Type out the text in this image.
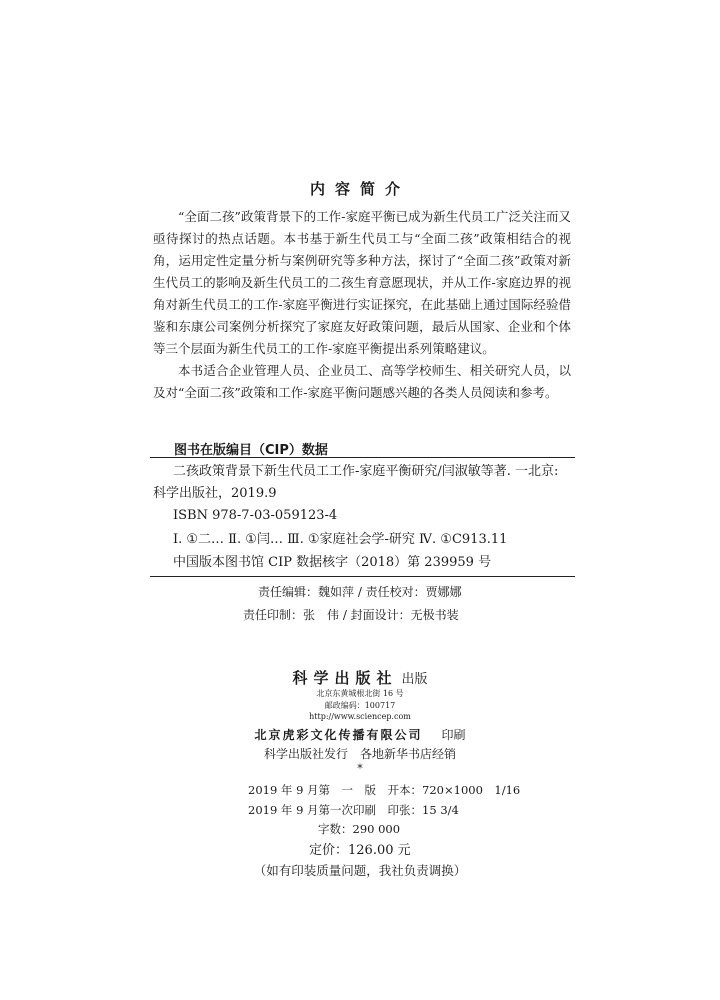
内容简介

“全面二孩”政策背景下的工作-家庭平衡已成为新生代员工广泛关注而又亟待探讨的热点话题。本书基于新生代员工与“全面二孩”政策相结合的视角，运用定性定量分析与案例研究等多种方法，探讨了“全面二孩”政策对新生代员工的影响及新生代员工的二孩生育意愿现状，并从工作-家庭边界的视角对新生代员工的工作-家庭平衡进行实证探究，在此基础上通过国际经验借鉴和东康公司案例分析探究了家庭友好政策问题，最后从国家、企业和个体等三个层面为新生代员工的工作-家庭平衡提出系列策略建议。

本书适合企业管理人员、企业员工、高等学校师生、相关研究人员，以及对“全面二孩”政策和工作-家庭平衡问题感兴趣的各类人员阅读和参考。

图书在版编目（CIP）数据
二孩政策背景下新生代员工工作-家庭平衡研究/闫淑敏等著. 一北京:
科学出版社，2019.9
ISBN 978-7-03-059123-4
Ⅰ. ①二… Ⅱ. ①闫… Ⅲ. ①家庭社会学-研究 Ⅳ. ①C913.11
中国版本图书馆 CIP 数据核字（2018）第 239959 号
责任编辑：魏如萍 / 责任校对：贾娜娜
责任印制：张　伟 / 封面设计：无极书装
科学出版社 出版
北京东黄城根北街 16 号
邮政编码：100717
http://www.sciencep.com
北京虎彩文化传播有限公司 印刷
科学出版社发行　各地新华书店经销
*
2019 年 9 月第　一　版　开本：720×1000　1/16
2019 年 9 月第一次印刷　印张：15 3/4
字数：290 000
定价：126.00 元
（如有印装质量问题，我社负责调换）
